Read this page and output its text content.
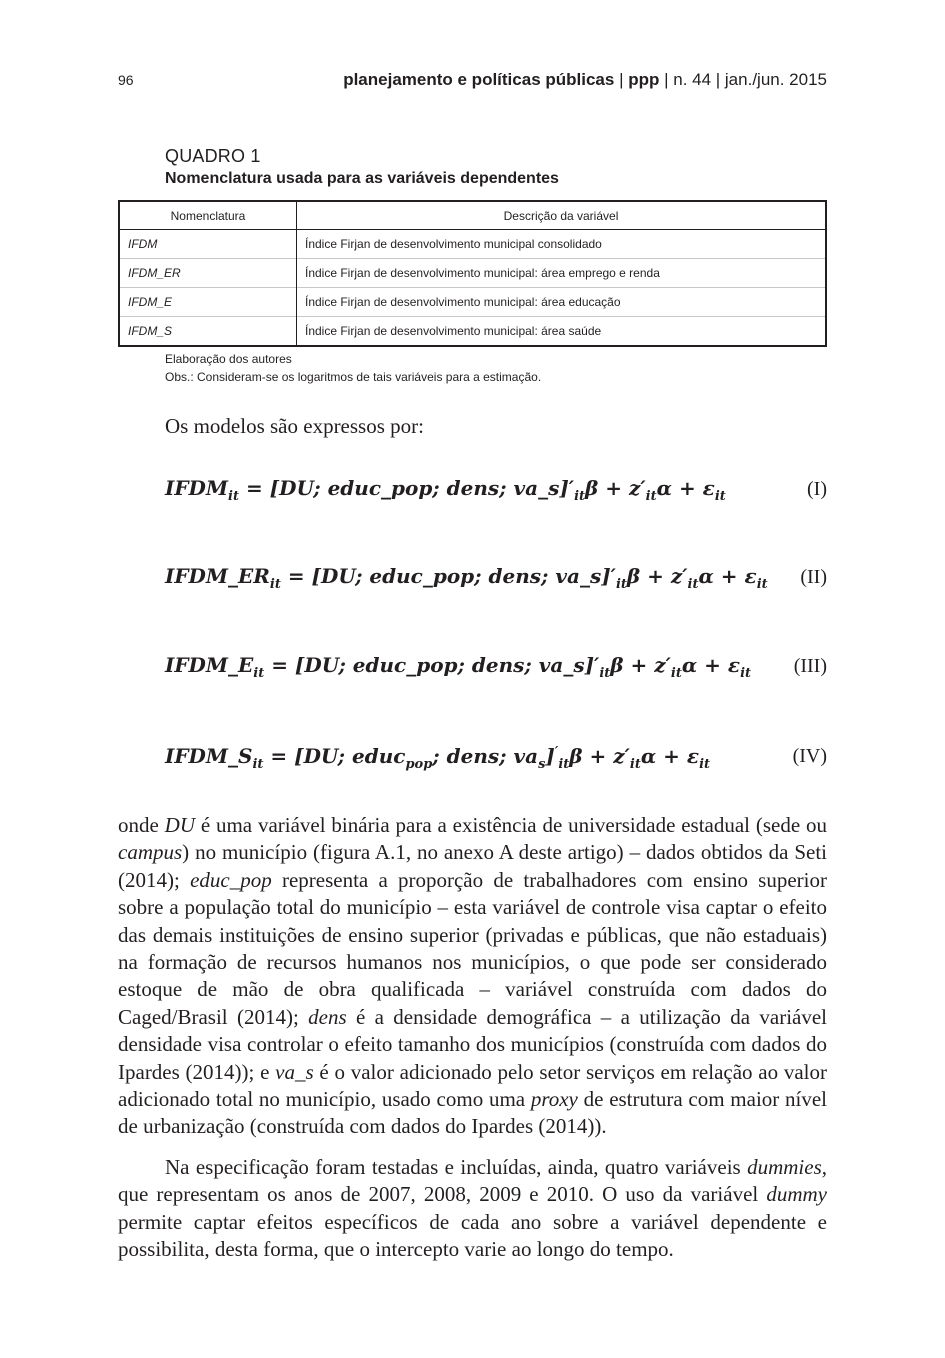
96	planejamento e políticas públicas | ppp | n. 44 | jan./jun. 2015
QUADRO 1
Nomenclatura usada para as variáveis dependentes
Nomenclatura	Descrição da variável
IFDM	Índice Firjan de desenvolvimento municipal consolidado
IFDM_ER	Índice Firjan de desenvolvimento municipal: área emprego e renda
IFDM_E	Índice Firjan de desenvolvimento municipal: área educação
IFDM_S	Índice Firjan de desenvolvimento municipal: área saúde
Elaboração dos autores
Obs.: Consideram-se os logaritmos de tais variáveis para a estimação.
Os modelos são expressos por:
$IFDM_{it} = [DU$; educ_pop; dens; $va\_s]'_{it}\beta + z'_{it}\alpha + \varepsilon_{it}$	(I)
$IFDM\_ER_{it} = [DU$; educ_pop; dens; $va\_s]'_{it}\beta + z'_{it}\alpha + \varepsilon_{it}$ (II)
$IFDM\_E_{it} = [DU$; educ_pop; dens; $va\_s]'_{it}\beta + z'_{it}\alpha + \varepsilon_{it}$ (III)
$IFDM\_S_{it} = [DU$; educ$_{pop}$; dens; $va_s]'_{it}\beta + z'_{it}\alpha + \varepsilon_{it}$	(IV)
onde DU é uma variável binária para a existência de universidade estadual (sede ou campus) no município (figura A.1, no anexo A deste artigo) – dados obtidos da Seti (2014); educ_pop representa a proporção de trabalhadores com ensino superior sobre a população total do município – esta variável de controle visa captar o efeito das demais instituições de ensino superior (privadas e públicas, que não estaduais) na formação de recursos humanos nos municípios, o que pode ser considerado estoque de mão de obra qualificada – variável construída com dados do Caged/Brasil (2014); dens é a densidade demográfica – a utilização da variável densidade visa controlar o efeito tamanho dos municípios (construída com dados do Ipardes (2014)); e va_s é o valor adicionado pelo setor serviços em relação ao valor adicionado total no município, usado como uma proxy de estrutura com maior nível de urbanização (construída com dados do Ipardes (2014)).
Na especificação foram testadas e incluídas, ainda, quatro variáveis dummies, que representam os anos de 2007, 2008, 2009 e 2010. O uso da variável dummy permite captar efeitos específicos de cada ano sobre a variável dependente e possibilita, desta forma, que o intercepto varie ao longo do tempo.
